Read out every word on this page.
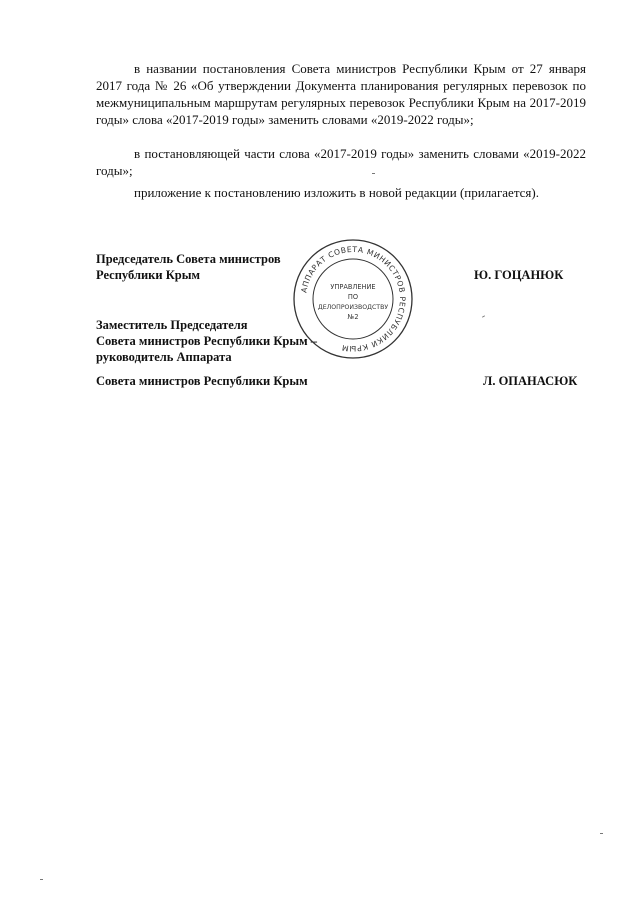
в названии постановления Совета министров Республики Крым от 27 января 2017 года № 26 «Об утверждении Документа планирования регулярных перевозок по межмуниципальным маршрутам регулярных перевозок Республики Крым на 2017-2019 годы» слова «2017-2019 годы» заменить словами «2019-2022 годы»;

в постановляющей части слова «2017-2019 годы» заменить словами «2019-2022 годы»;

приложение к постановлению изложить в новой редакции (прилагается).

Председатель Совета министров
Республики Крым	Ю. ГОЦАНЮК
Заместитель Председателя
Совета министров Республики Крым –
руководитель Аппарата
Совета министров Республики Крым	Л. ОПАНАСЮК
АППАРАТ СОВЕТА МИНИСТРОВ РЕСПУБЛИКИ КРЫМ
УПРАВЛЕНИЕ
ПО
ДЕЛОПРОИЗВОДСТВУ
№2
